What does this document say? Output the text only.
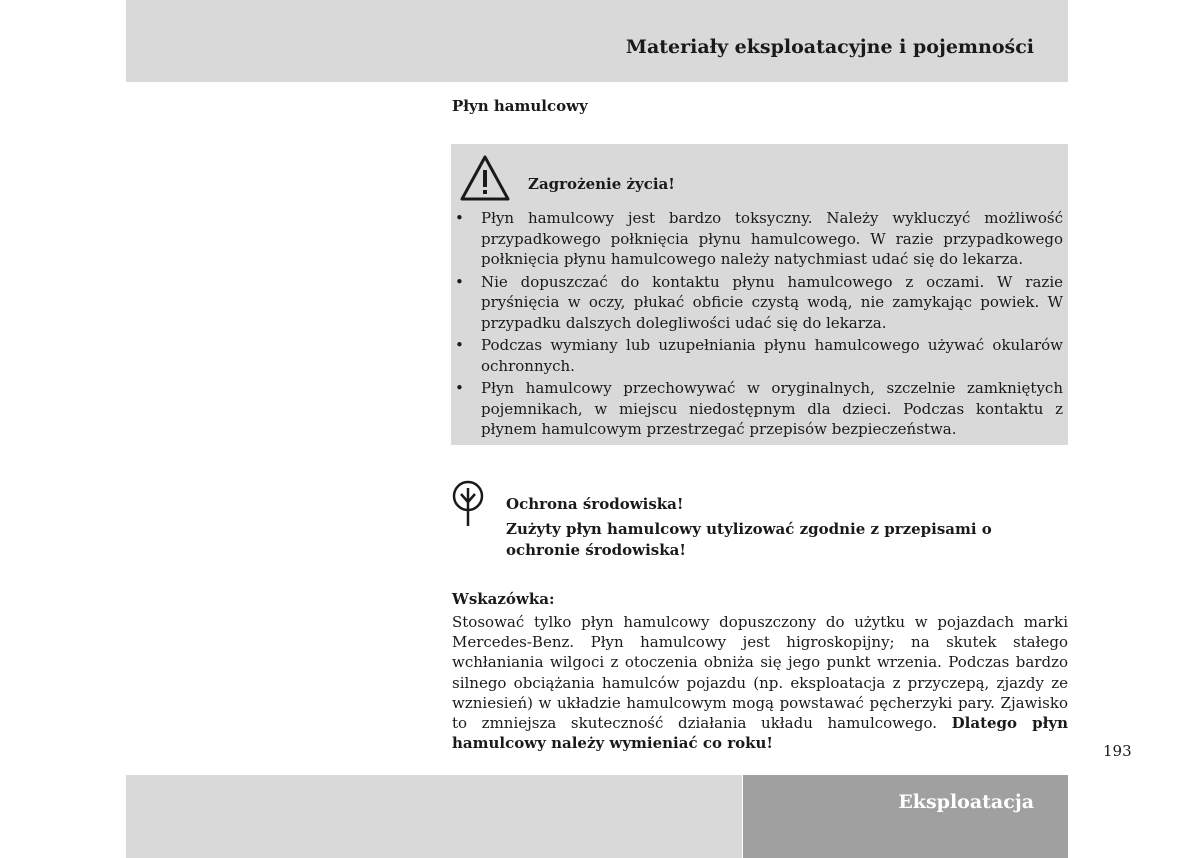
Materiały eksploatacyjne i pojemności
Płyn hamulcowy
Zagrożenie życia!
• Płyn hamulcowy jest bardzo toksyczny. Należy wykluczyć możliwość przypadkowego połknięcia płynu hamulcowego. W razie przypadkowego połknięcia płynu hamulcowego należy natychmiast udać się do lekarza.
• Nie dopuszczać do kontaktu płynu hamulcowego z oczami. W razie pryśnięcia w oczy, płukać obficie czystą wodą, nie zamykając powiek. W przypadku dalszych dolegliwości udać się do lekarza.
• Podczas wymiany lub uzupełniania płynu hamulcowego używać okularów ochronnych.
• Płyn hamulcowy przechowywać w oryginalnych, szczelnie zamkniętych pojemnikach, w miejscu niedostępnym dla dzieci. Podczas kontaktu z płynem hamulcowym przestrzegać przepisów bezpieczeństwa.
Ochrona środowiska!
Zużyty płyn hamulcowy utylizować zgodnie z przepisami o ochronie środowiska!
Wskazówka:
Stosować tylko płyn hamulcowy dopuszczony do użytku w pojazdach marki Mercedes-Benz. Płyn hamulcowy jest higroskopijny; na skutek stałego wchłaniania wilgoci z otoczenia obniża się jego punkt wrzenia. Podczas bardzo silnego obciążania hamulców pojazdu (np. eksploatacja z przyczepą, zjazdy ze wzniesień) w układzie hamulcowym mogą powstawać pęcherzyki pary. Zjawisko to zmniejsza skuteczność działania układu hamulcowego. Dlatego płyn hamulcowy należy wymieniać co roku!	193
Eksploatacja
